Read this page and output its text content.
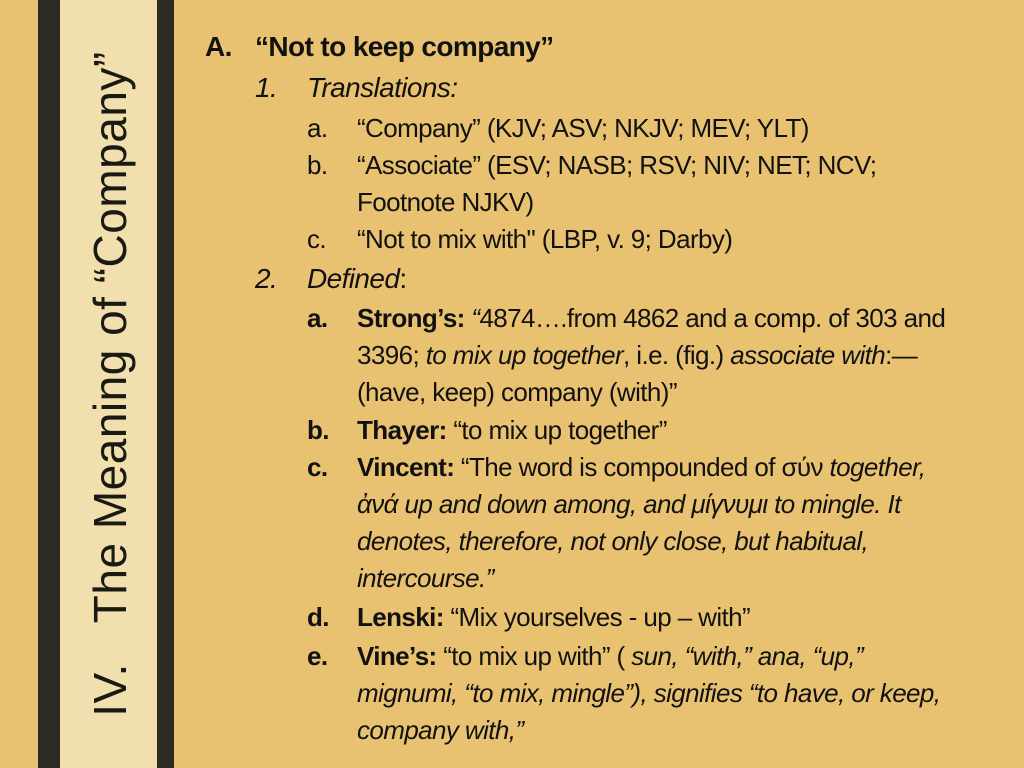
IV.The Meaning of “Company”
A. “Not to keep company”
1. Translations:
a. “Company” (KJV; ASV; NKJV; MEV; YLT)
b. “Associate” (ESV; NASB; RSV; NIV; NET; NCV;
Footnote NJKV)
c. “Not to mix with" (LBP, v. 9; Darby)
2. Defined:
a. Strong’s: “4874….from 4862 and a comp. of 303 and
3396; to mix up together, i.e. (fig.) associate with:—
(have, keep) company (with)”
b. Thayer: “to mix up together”
c. Vincent: “The word is compounded of σύν together,
ἀνά up and down among, and μίγνυμι to mingle. It
denotes, therefore, not only close, but habitual,
intercourse.”
d. Lenski: “Mix yourselves - up – with”
e. Vine’s: “to mix up with” ( sun, “with,” ana, “up,”
mignumi, “to mix, mingle”), signifies “to have, or keep,
company with,”
